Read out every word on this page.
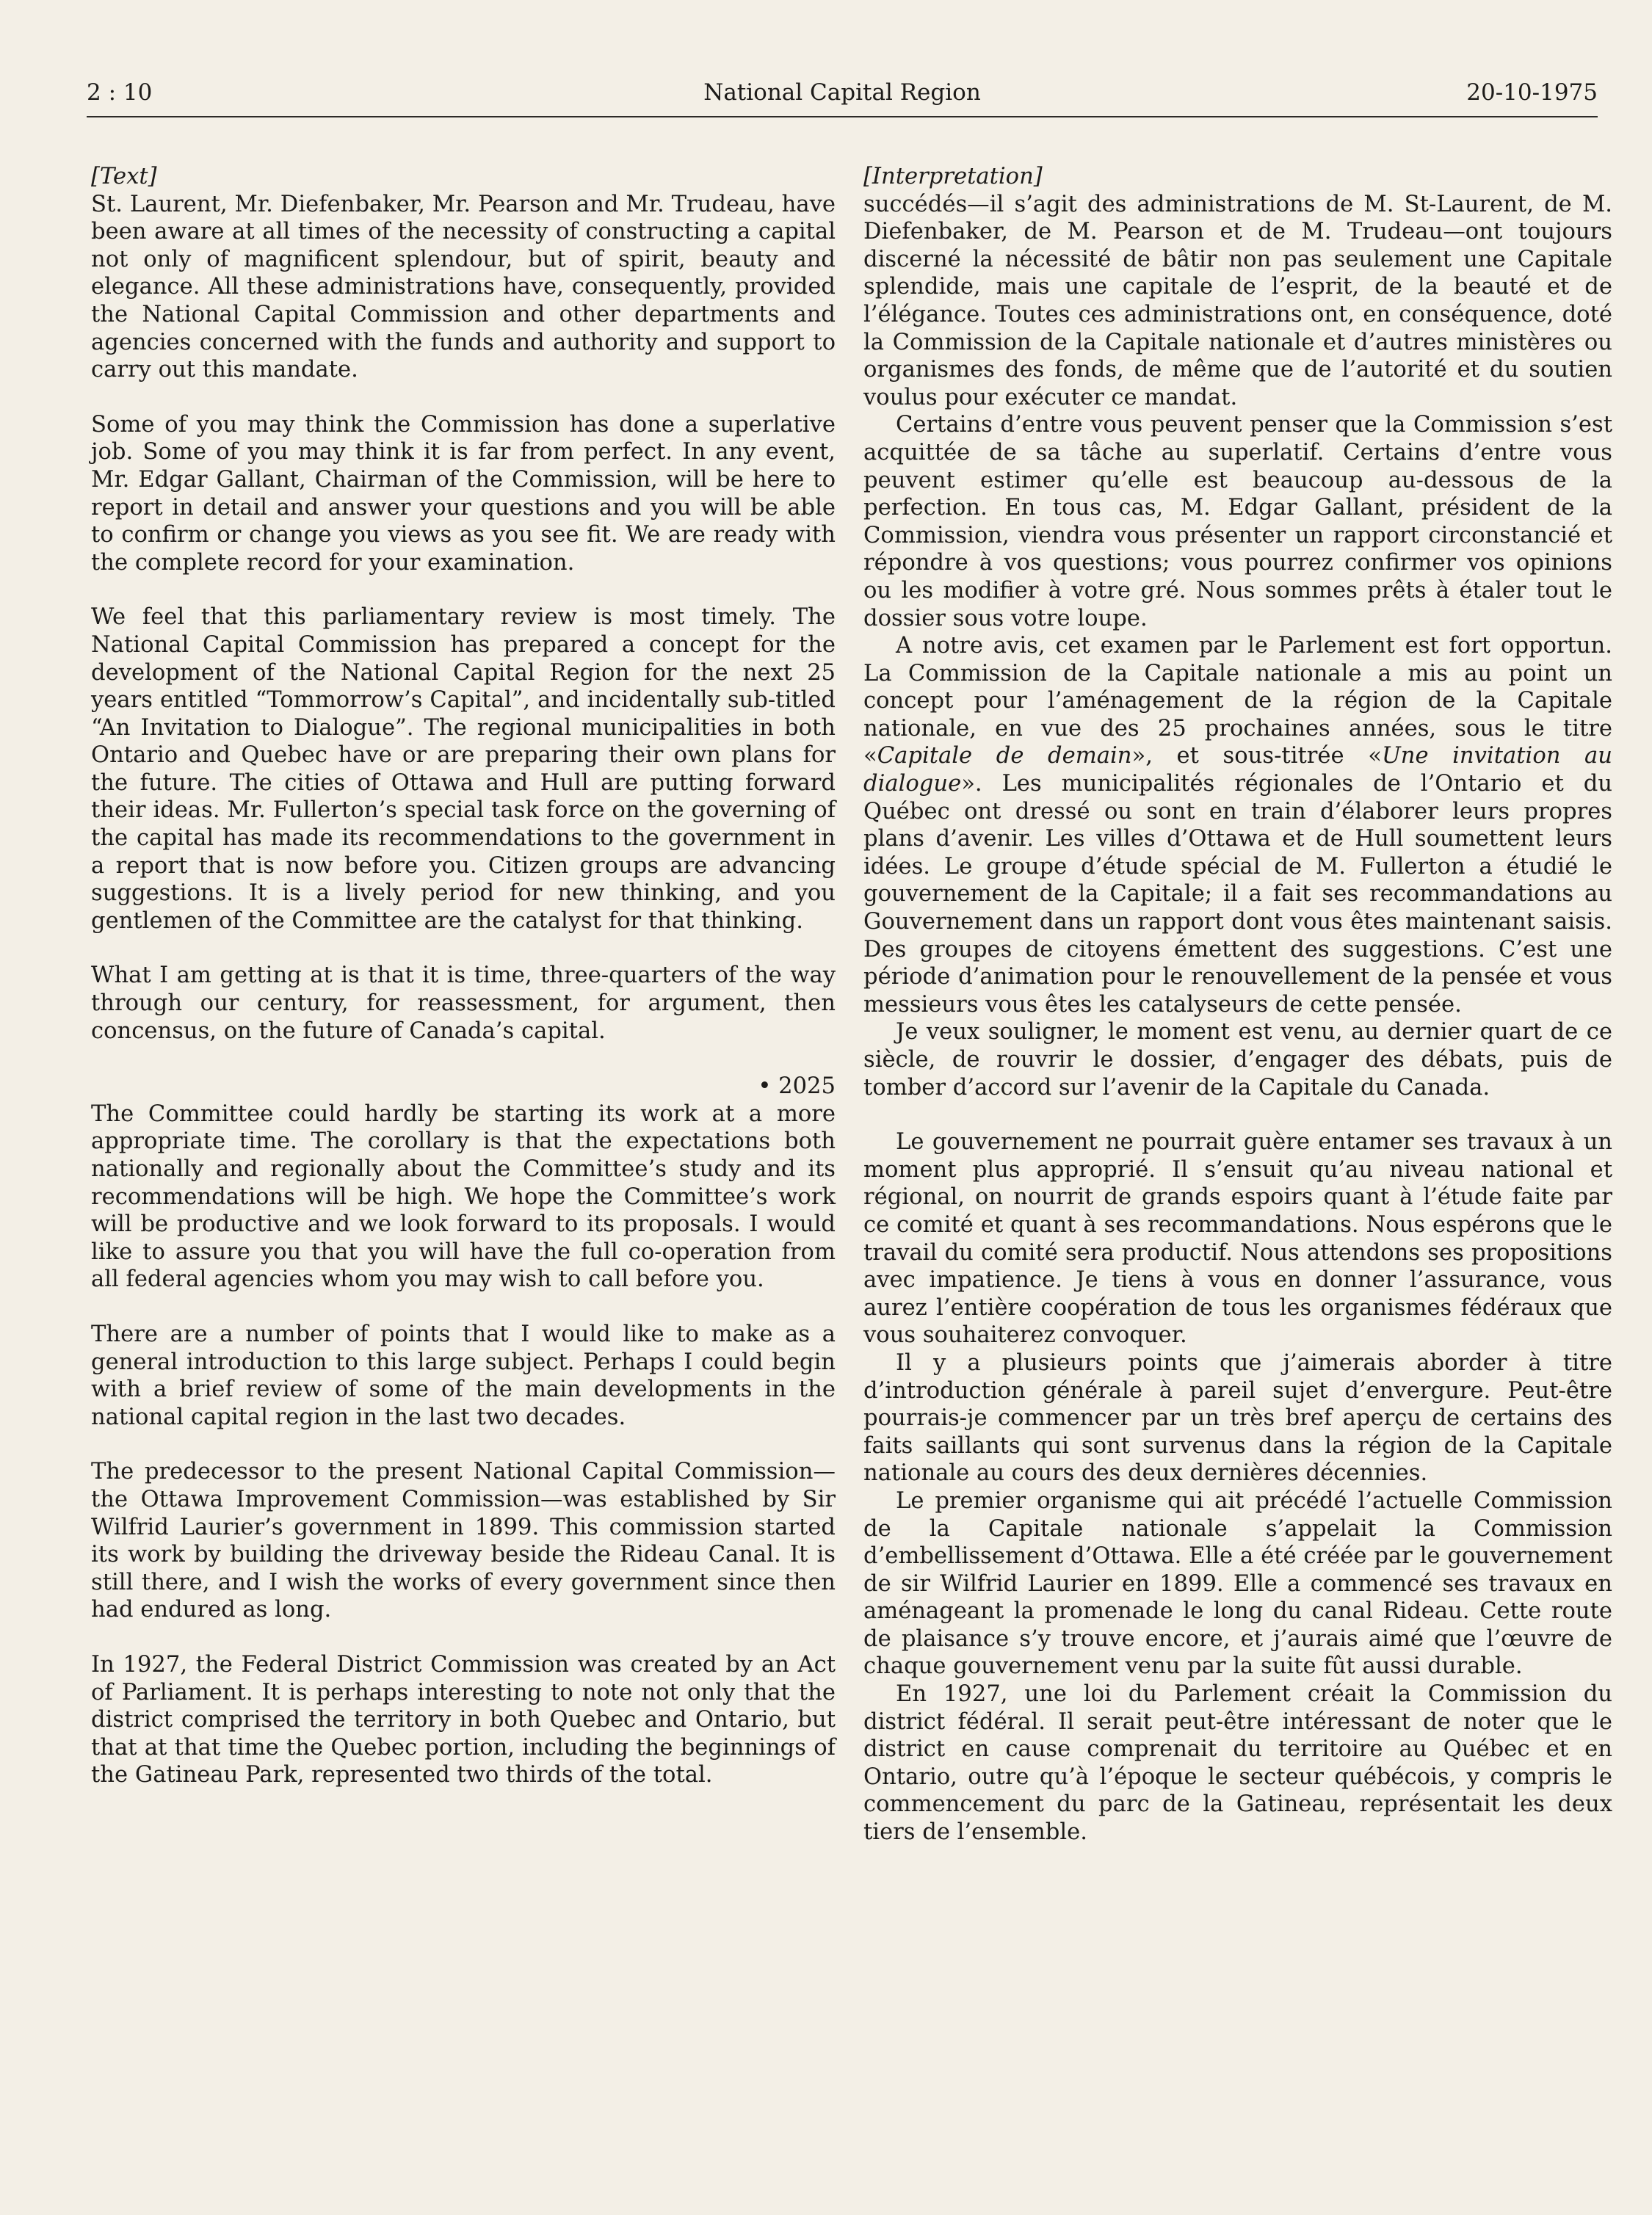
2 : 10	National Capital Region	20-10-1975
[Text]

St. Laurent, Mr. Diefenbaker, Mr. Pearson and Mr. Trudeau, have been aware at all times of the necessity of constructing a capital not only of magnificent splendour, but of spirit, beauty and elegance. All these administrations have, consequently, provided the National Capital Commission and other departments and agencies concerned with the funds and authority and support to carry out this mandate.

Some of you may think the Commission has done a superlative job. Some of you may think it is far from perfect. In any event, Mr. Edgar Gallant, Chairman of the Commission, will be here to report in detail and answer your questions and you will be able to confirm or change you views as you see fit. We are ready with the complete record for your examination.

We feel that this parliamentary review is most timely. The National Capital Commission has prepared a concept for the development of the National Capital Region for the next 25 years entitled “Tommorrow’s Capital”, and incidentally sub-titled “An Invitation to Dialogue”. The regional municipalities in both Ontario and Quebec have or are preparing their own plans for the future. The cities of Ottawa and Hull are putting forward their ideas. Mr. Fullerton’s special task force on the governing of the capital has made its recommendations to the government in a report that is now before you. Citizen groups are advancing suggestions. It is a lively period for new thinking, and you gentlemen of the Committee are the catalyst for that thinking.

What I am getting at is that it is time, three-quarters of the way through our century, for reassessment, for argument, then concensus, on the future of Canada’s capital.

• 2025

The Committee could hardly be starting its work at a more appropriate time. The corollary is that the expectations both nationally and regionally about the Committee’s study and its recommendations will be high. We hope the Committee’s work will be productive and we look forward to its proposals. I would like to assure you that you will have the full co-operation from all federal agencies whom you may wish to call before you.

There are a number of points that I would like to make as a general introduction to this large subject. Perhaps I could begin with a brief review of some of the main developments in the national capital region in the last two decades.

The predecessor to the present National Capital Commission—the Ottawa Improvement Commission—was established by Sir Wilfrid Laurier’s government in 1899. This commission started its work by building the driveway beside the Rideau Canal. It is still there, and I wish the works of every government since then had endured as long.

In 1927, the Federal District Commission was created by an Act of Parliament. It is perhaps interesting to note not only that the district comprised the territory in both Quebec and Ontario, but that at that time the Quebec portion, including the beginnings of the Gatineau Park, represented two thirds of the total.

[Interpretation]

succédés—il s’agit des administrations de M. St-Laurent, de M. Diefenbaker, de M. Pearson et de M. Trudeau—ont toujours discerné la nécessité de bâtir non pas seulement une Capitale splendide, mais une capitale de l’esprit, de la beauté et de l’élégance. Toutes ces administrations ont, en conséquence, doté la Commission de la Capitale nationale et d’autres ministères ou organismes des fonds, de même que de l’autorité et du soutien voulus pour exécuter ce mandat.

Certains d’entre vous peuvent penser que la Commission s’est acquittée de sa tâche au superlatif. Certains d’entre vous peuvent estimer qu’elle est beaucoup au-dessous de la perfection. En tous cas, M. Edgar Gallant, président de la Commission, viendra vous présenter un rapport circonstancié et répondre à vos questions; vous pourrez confirmer vos opinions ou les modifier à votre gré. Nous sommes prêts à étaler tout le dossier sous votre loupe.

A notre avis, cet examen par le Parlement est fort opportun. La Commission de la Capitale nationale a mis au point un concept pour l’aménagement de la région de la Capitale nationale, en vue des 25 prochaines années, sous le titre «Capitale de demain», et sous-titrée «Une invitation au dialogue». Les municipalités régionales de l’Ontario et du Québec ont dressé ou sont en train d’élaborer leurs propres plans d’avenir. Les villes d’Ottawa et de Hull soumettent leurs idées. Le groupe d’étude spécial de M. Fullerton a étudié le gouvernement de la Capitale; il a fait ses recommandations au Gouvernement dans un rapport dont vous êtes maintenant saisis. Des groupes de citoyens émettent des suggestions. C’est une période d’animation pour le renouvellement de la pensée et vous messieurs vous êtes les catalyseurs de cette pensée.

Je veux souligner, le moment est venu, au dernier quart de ce siècle, de rouvrir le dossier, d’engager des débats, puis de tomber d’accord sur l’avenir de la Capitale du Canada.

Le gouvernement ne pourrait guère entamer ses travaux à un moment plus approprié. Il s’ensuit qu’au niveau national et régional, on nourrit de grands espoirs quant à l’étude faite par ce comité et quant à ses recommandations. Nous espérons que le travail du comité sera productif. Nous attendons ses propositions avec impatience. Je tiens à vous en donner l’assurance, vous aurez l’entière coopération de tous les organismes fédéraux que vous souhaiterez convoquer.

Il y a plusieurs points que j’aimerais aborder à titre d’introduction générale à pareil sujet d’envergure. Peut-être pourrais-je commencer par un très bref aperçu de certains des faits saillants qui sont survenus dans la région de la Capitale nationale au cours des deux dernières décennies.

Le premier organisme qui ait précédé l’actuelle Commission de la Capitale nationale s’appelait la Commission d’embellissement d’Ottawa. Elle a été créée par le gouvernement de sir Wilfrid Laurier en 1899. Elle a commencé ses travaux en aménageant la promenade le long du canal Rideau. Cette route de plaisance s’y trouve encore, et j’aurais aimé que l’œuvre de chaque gouvernement venu par la suite fût aussi durable.

En 1927, une loi du Parlement créait la Commission du district fédéral. Il serait peut-être intéressant de noter que le district en cause comprenait du territoire au Québec et en Ontario, outre qu’à l’époque le secteur québécois, y compris le commencement du parc de la Gatineau, représentait les deux tiers de l’ensemble.
